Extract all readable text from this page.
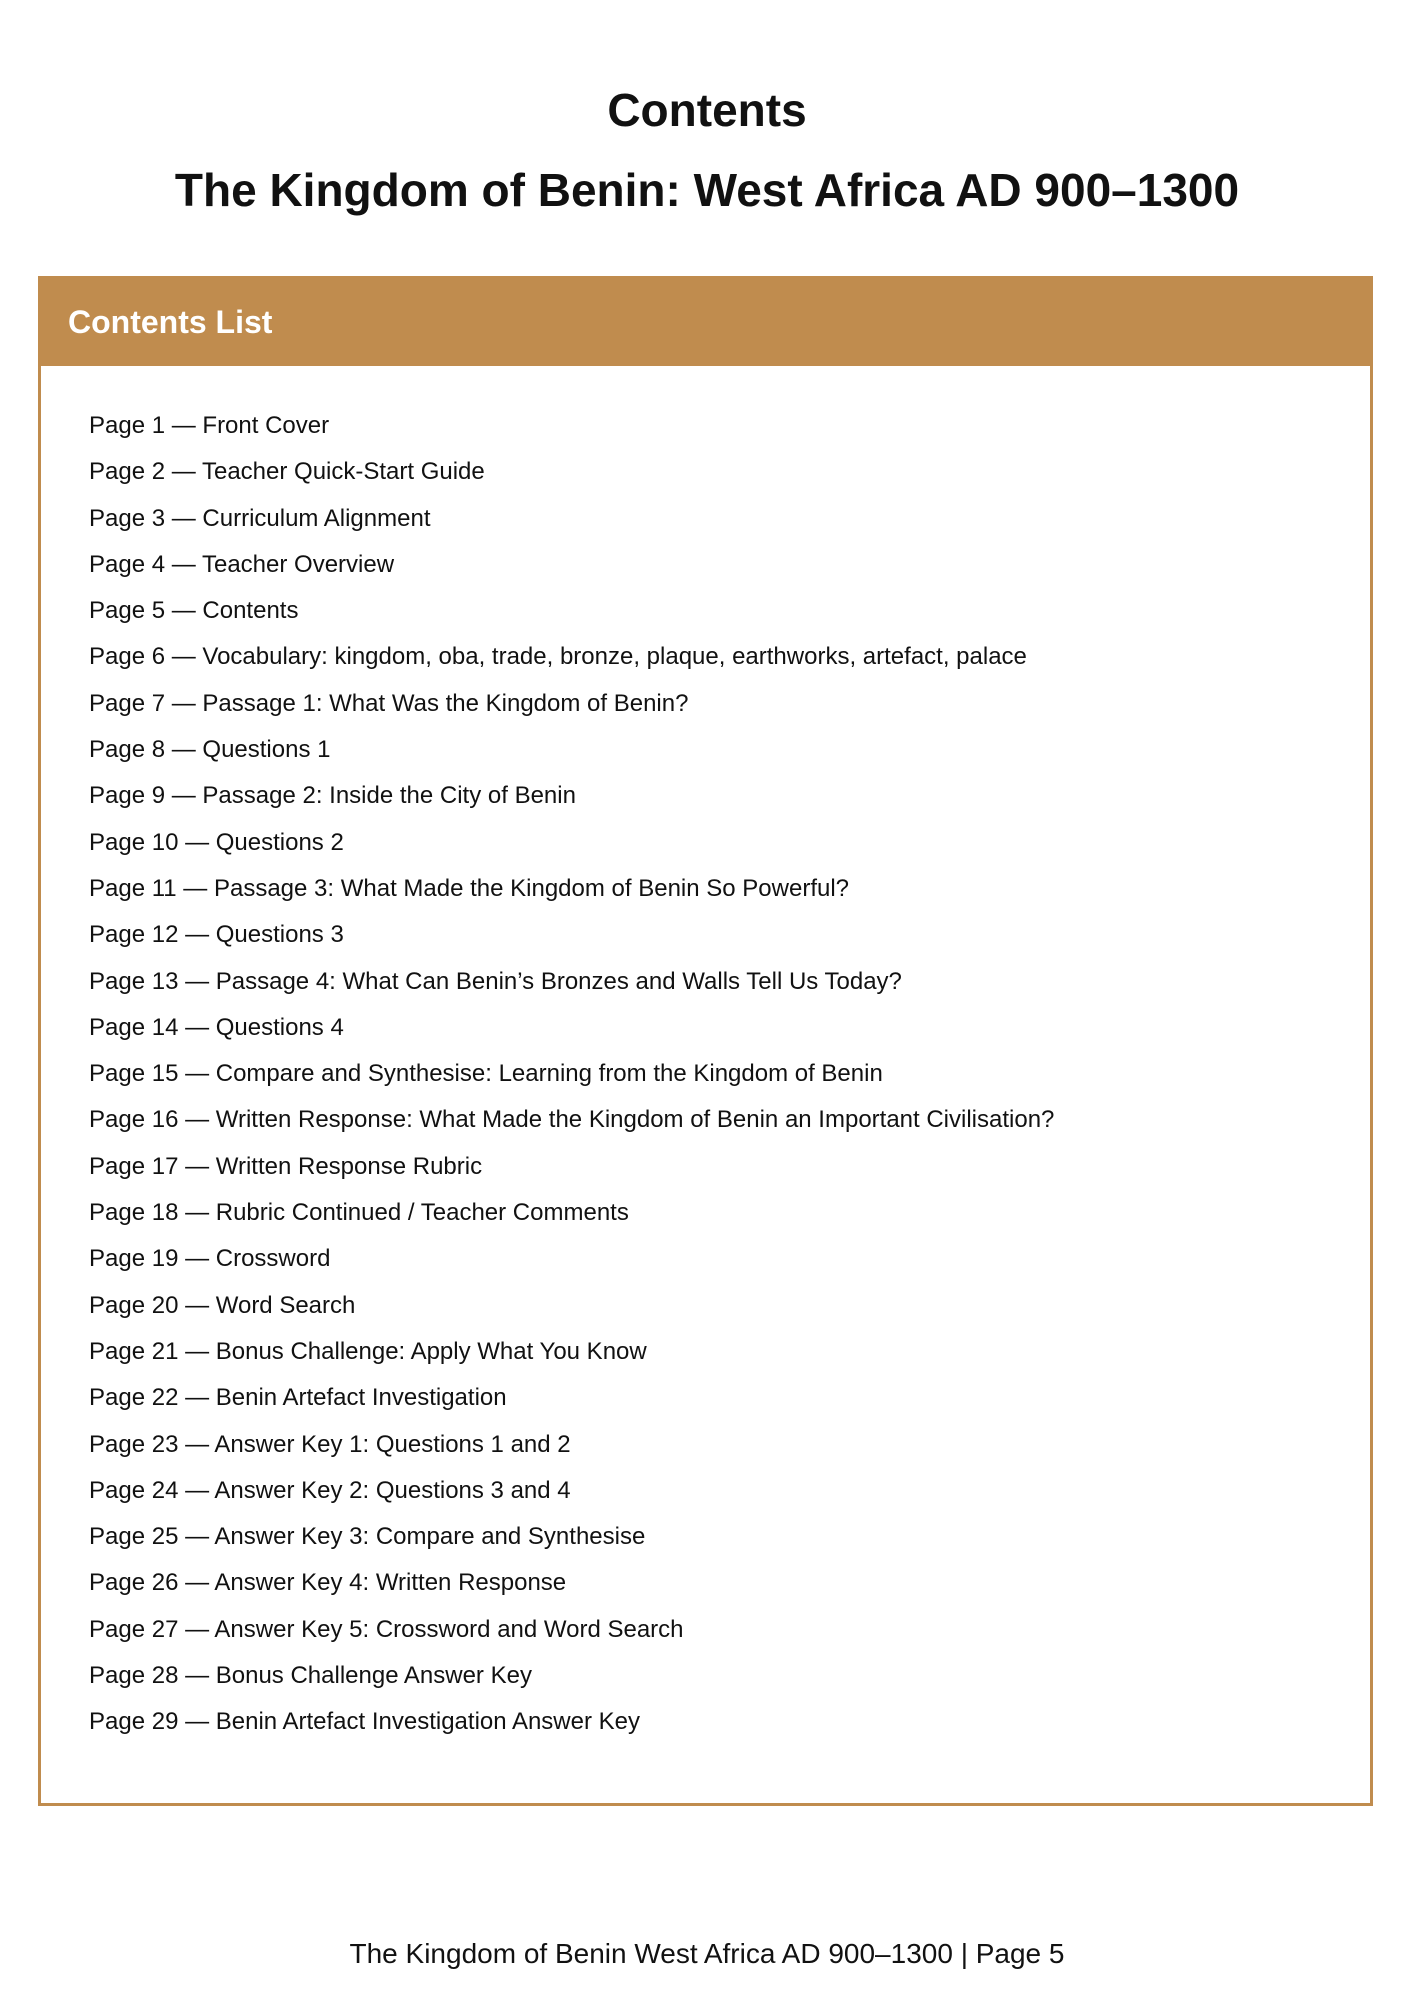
Contents
The Kingdom of Benin: West Africa AD 900–1300
Contents List
Page 1 — Front Cover
Page 2 — Teacher Quick-Start Guide
Page 3 — Curriculum Alignment
Page 4 — Teacher Overview
Page 5 — Contents
Page 6 — Vocabulary: kingdom, oba, trade, bronze, plaque, earthworks, artefact, palace
Page 7 — Passage 1: What Was the Kingdom of Benin?
Page 8 — Questions 1
Page 9 — Passage 2: Inside the City of Benin
Page 10 — Questions 2
Page 11 — Passage 3: What Made the Kingdom of Benin So Powerful?
Page 12 — Questions 3
Page 13 — Passage 4: What Can Benin’s Bronzes and Walls Tell Us Today?
Page 14 — Questions 4
Page 15 — Compare and Synthesise: Learning from the Kingdom of Benin
Page 16 — Written Response: What Made the Kingdom of Benin an Important Civilisation?
Page 17 — Written Response Rubric
Page 18 — Rubric Continued / Teacher Comments
Page 19 — Crossword
Page 20 — Word Search
Page 21 — Bonus Challenge: Apply What You Know
Page 22 — Benin Artefact Investigation
Page 23 — Answer Key 1: Questions 1 and 2
Page 24 — Answer Key 2: Questions 3 and 4
Page 25 — Answer Key 3: Compare and Synthesise
Page 26 — Answer Key 4: Written Response
Page 27 — Answer Key 5: Crossword and Word Search
Page 28 — Bonus Challenge Answer Key
Page 29 — Benin Artefact Investigation Answer Key
The Kingdom of Benin West Africa AD 900–1300 | Page 5
